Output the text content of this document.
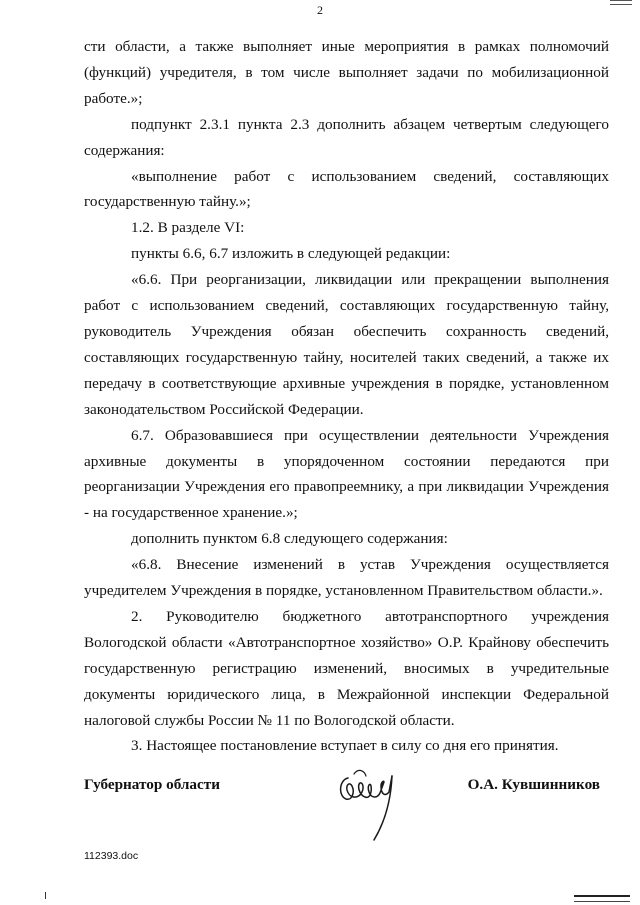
2

сти области, а также выполняет иные мероприятия в рамках полномочий (функций) учредителя, в том числе выполняет задачи по мобилизационной работе.»;

подпункт 2.3.1 пункта 2.3 дополнить абзацем четвертым следующего содержания:

«выполнение работ с использованием сведений, составляющих государственную тайну.»;

1.2. В разделе VI:

пункты 6.6, 6.7 изложить в следующей редакции:

«6.6. При реорганизации, ликвидации или прекращении выполнения работ с использованием сведений, составляющих государственную тайну, руководитель Учреждения обязан обеспечить сохранность сведений, составляющих государственную тайну, носителей таких сведений, а также их передачу в соответствующие архивные учреждения в порядке, установленном законодательством Российской Федерации.

6.7. Образовавшиеся при осуществлении деятельности Учреждения архивные документы в упорядоченном состоянии передаются при реорганизации Учреждения его правопреемнику, а при ликвидации Учреждения - на государственное хранение.»;

дополнить пунктом 6.8 следующего содержания:

«6.8. Внесение изменений в устав Учреждения осуществляется учредителем Учреждения в порядке, установленном Правительством области.».

2. Руководителю бюджетного автотранспортного учреждения Вологодской области «Автотранспортное хозяйство» О.Р. Крайнову обеспечить государственную регистрацию изменений, вносимых в учредительные документы юридического лица, в Межрайонной инспекции Федеральной налоговой службы России № 11 по Вологодской области.

3. Настоящее постановление вступает в силу со дня его принятия.

Губернатор области	О.А. Кувшинников
112393.doc
